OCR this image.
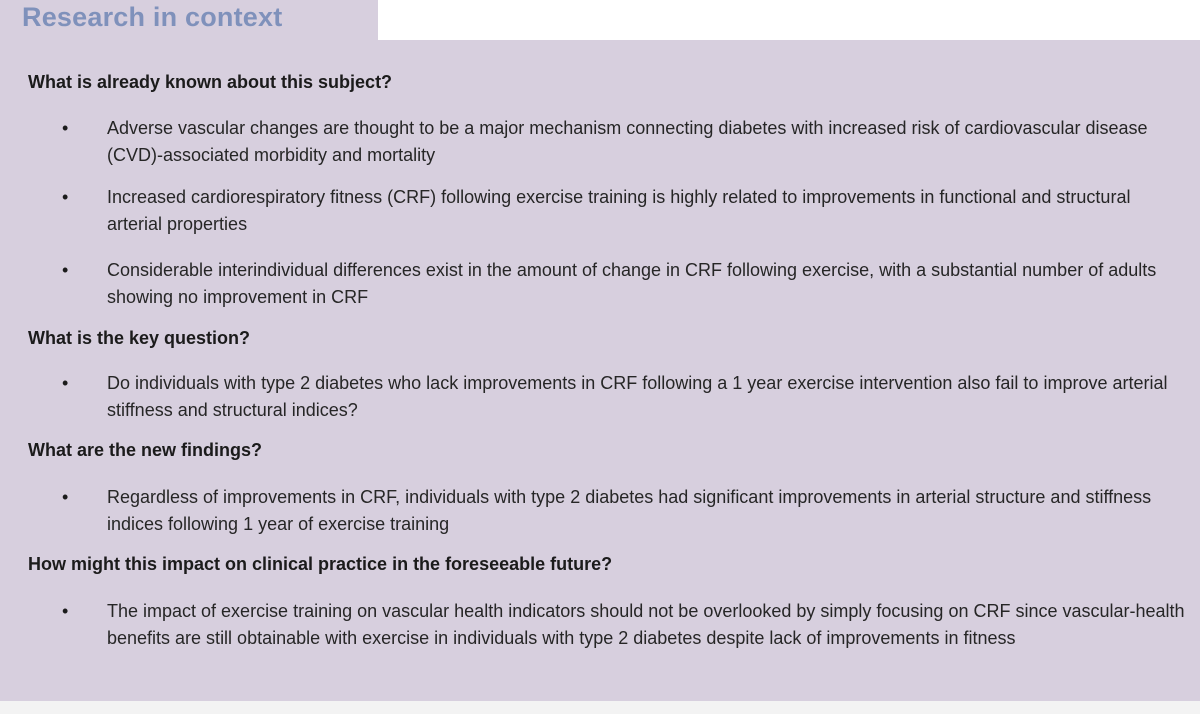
Research in context
What is already known about this subject?
• Adverse vascular changes are thought to be a major mechanism connecting diabetes with increased risk of cardiovascular disease (CVD)-associated morbidity and mortality
• Increased cardiorespiratory fitness (CRF) following exercise training is highly related to improvements in functional and structural arterial properties
• Considerable interindividual differences exist in the amount of change in CRF following exercise, with a substantial number of adults showing no improvement in CRF
What is the key question?
• Do individuals with type 2 diabetes who lack improvements in CRF following a 1 year exercise intervention also fail to improve arterial stiffness and structural indices?
What are the new findings?
• Regardless of improvements in CRF, individuals with type 2 diabetes had significant improvements in arterial structure and stiffness indices following 1 year of exercise training
How might this impact on clinical practice in the foreseeable future?
• The impact of exercise training on vascular health indicators should not be overlooked by simply focusing on CRF since vascular-health benefits are still obtainable with exercise in individuals with type 2 diabetes despite lack of improvements in fitness
